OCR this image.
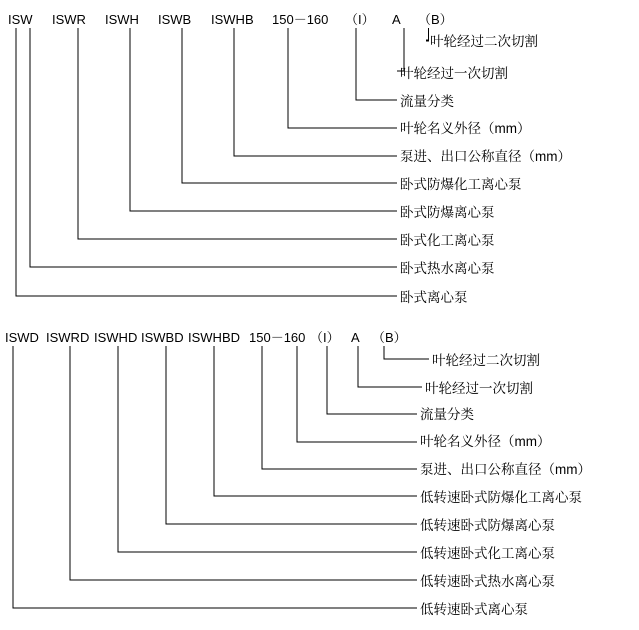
ISW ISWR ISWH ISWB ISWHB 150－160 （I） A （B）
叶轮经过二次切割
叶轮经过一次切割
流量分类
叶轮名义外径（mm）
泵进、出口公称直径（mm）
卧式防爆化工离心泵
卧式防爆离心泵
卧式化工离心泵
卧式热水离心泵
卧式离心泵
ISWD ISWRD ISWHD ISWBD ISWHBD 150－160 （I） A （B）
叶轮经过二次切割
叶轮经过一次切割
流量分类
叶轮名义外径（mm）
泵进、出口公称直径（mm）
低转速卧式防爆化工离心泵
低转速卧式防爆离心泵
低转速卧式化工离心泵
低转速卧式热水离心泵
低转速卧式离心泵
